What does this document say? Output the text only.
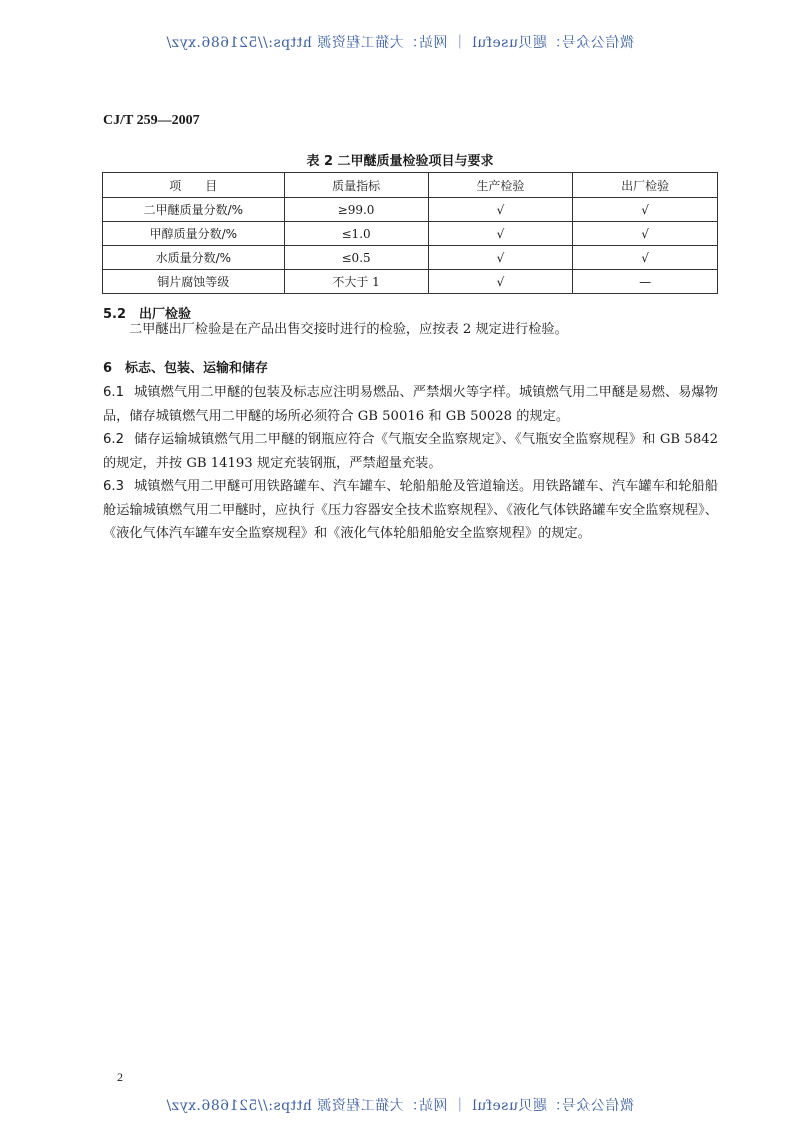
微信公众号：题贝useful ｜ 网站：大猫工程资源 https://521686.xyz/
CJ/T 259—2007
表 2 二甲醚质量检验项目与要求
项　　目	质量指标	生产检验	出厂检验
二甲醚质量分数/%	≥99.0	√	√
甲醇质量分数/%	≤1.0	√	√
水质量分数/%	≤0.5	√	√
铜片腐蚀等级	不大于 1	√	—
5.2　出厂检验
二甲醚出厂检验是在产品出售交接时进行的检验，应按表 2 规定进行检验。
6　标志、包装、运输和储存
6.1 城镇燃气用二甲醚的包装及标志应注明易燃品、严禁烟火等字样。城镇燃气用二甲醚是易燃、易爆物品，储存城镇燃气用二甲醚的场所必须符合 GB 50016 和 GB 50028 的规定。
6.2 储存运输城镇燃气用二甲醚的钢瓶应符合《气瓶安全监察规定》、《气瓶安全监察规程》和 GB 5842 的规定，并按 GB 14193 规定充装钢瓶，严禁超量充装。
6.3 城镇燃气用二甲醚可用铁路罐车、汽车罐车、轮船船舱及管道输送。用铁路罐车、汽车罐车和轮船船舱运输城镇燃气用二甲醚时，应执行《压力容器安全技术监察规程》、《液化气体铁路罐车安全监察规程》、《液化气体汽车罐车安全监察规程》和《液化气体轮船船舱安全监察规程》的规定。
2
微信公众号：题贝useful ｜ 网站：大猫工程资源 https://521686.xyz/
